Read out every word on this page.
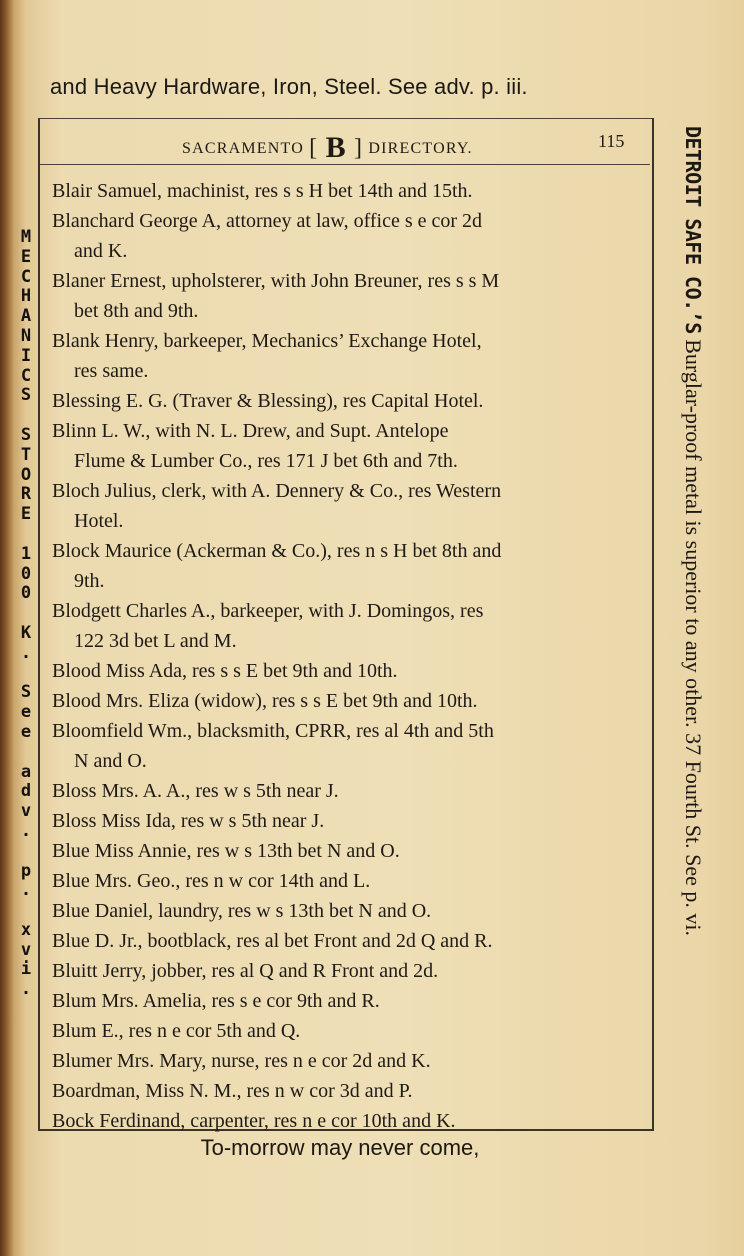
and Heavy Hardware, Iron, Steel. See adv. p. iii.
SACRAMENTO [ B ] DIRECTORY.	115
Blair Samuel, machinist, res s s H bet 14th and 15th.
Blanchard George A, attorney at law, office s e cor 2d
and K.
Blaner Ernest, upholsterer, with John Breuner, res s s M
bet 8th and 9th.
Blank Henry, barkeeper, Mechanics’ Exchange Hotel,
res same.
Blessing E. G. (Traver & Blessing), res Capital Hotel.
Blinn L. W., with N. L. Drew, and Supt. Antelope
Flume & Lumber Co., res 171 J bet 6th and 7th.
Bloch Julius, clerk, with A. Dennery & Co., res Western
Hotel.
Block Maurice (Ackerman & Co.), res n s H bet 8th and
9th.
Blodgett Charles A., barkeeper, with J. Domingos, res
122 3d bet L and M.
Blood Miss Ada, res s s E bet 9th and 10th.
Blood Mrs. Eliza (widow), res s s E bet 9th and 10th.
Bloomfield Wm., blacksmith, CPRR, res al 4th and 5th
N and O.
Bloss Mrs. A. A., res w s 5th near J.
Bloss Miss Ida, res w s 5th near J.
Blue Miss Annie, res w s 13th bet N and O.
Blue Mrs. Geo., res n w cor 14th and L.
Blue Daniel, laundry, res w s 13th bet N and O.
Blue D. Jr., bootblack, res al bet Front and 2d Q and R.
Bluitt Jerry, jobber, res al Q and R Front and 2d.
Blum Mrs. Amelia, res s e cor 9th and R.
Blum E., res n e cor 5th and Q.
Blumer Mrs. Mary, nurse, res n e cor 2d and K.
Boardman, Miss N. M., res n w cor 3d and P.
Bock Ferdinand, carpenter, res n e cor 10th and K.
M
E
C
H
A
N
I
C
S

S
T
O
R
E

1
0
0

K
.

S
e
e

a
d
v
.

p
.

x
v
i
.
DETROIT SAFE CO.’S Burglar-proof metal is superior to any other. 37 Fourth St. See p. vi.
To-morrow may never come,
